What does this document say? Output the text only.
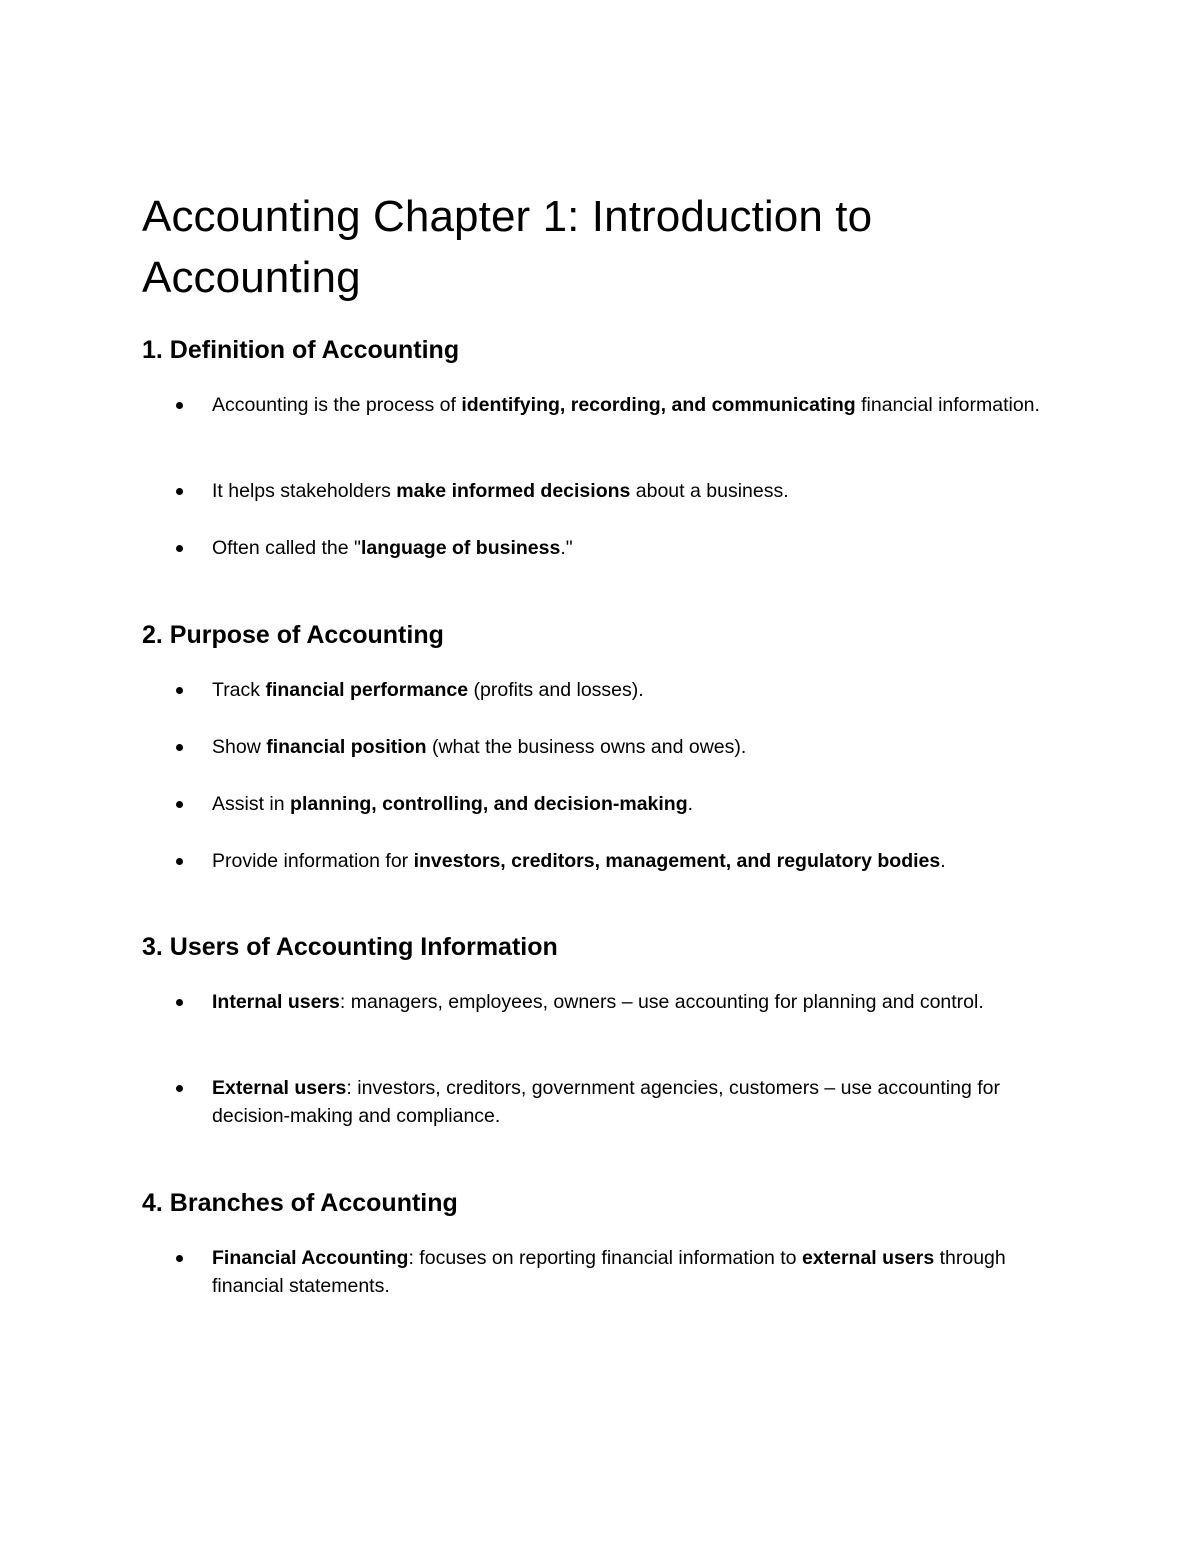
Accounting Chapter 1: Introduction to Accounting
1. Definition of Accounting
Accounting is the process of identifying, recording, and communicating financial information.
It helps stakeholders make informed decisions about a business.
Often called the "language of business."
2. Purpose of Accounting
Track financial performance (profits and losses).
Show financial position (what the business owns and owes).
Assist in planning, controlling, and decision-making.
Provide information for investors, creditors, management, and regulatory bodies.
3. Users of Accounting Information
Internal users: managers, employees, owners – use accounting for planning and control.
External users: investors, creditors, government agencies, customers – use accounting for decision-making and compliance.
4. Branches of Accounting
Financial Accounting: focuses on reporting financial information to external users through financial statements.
